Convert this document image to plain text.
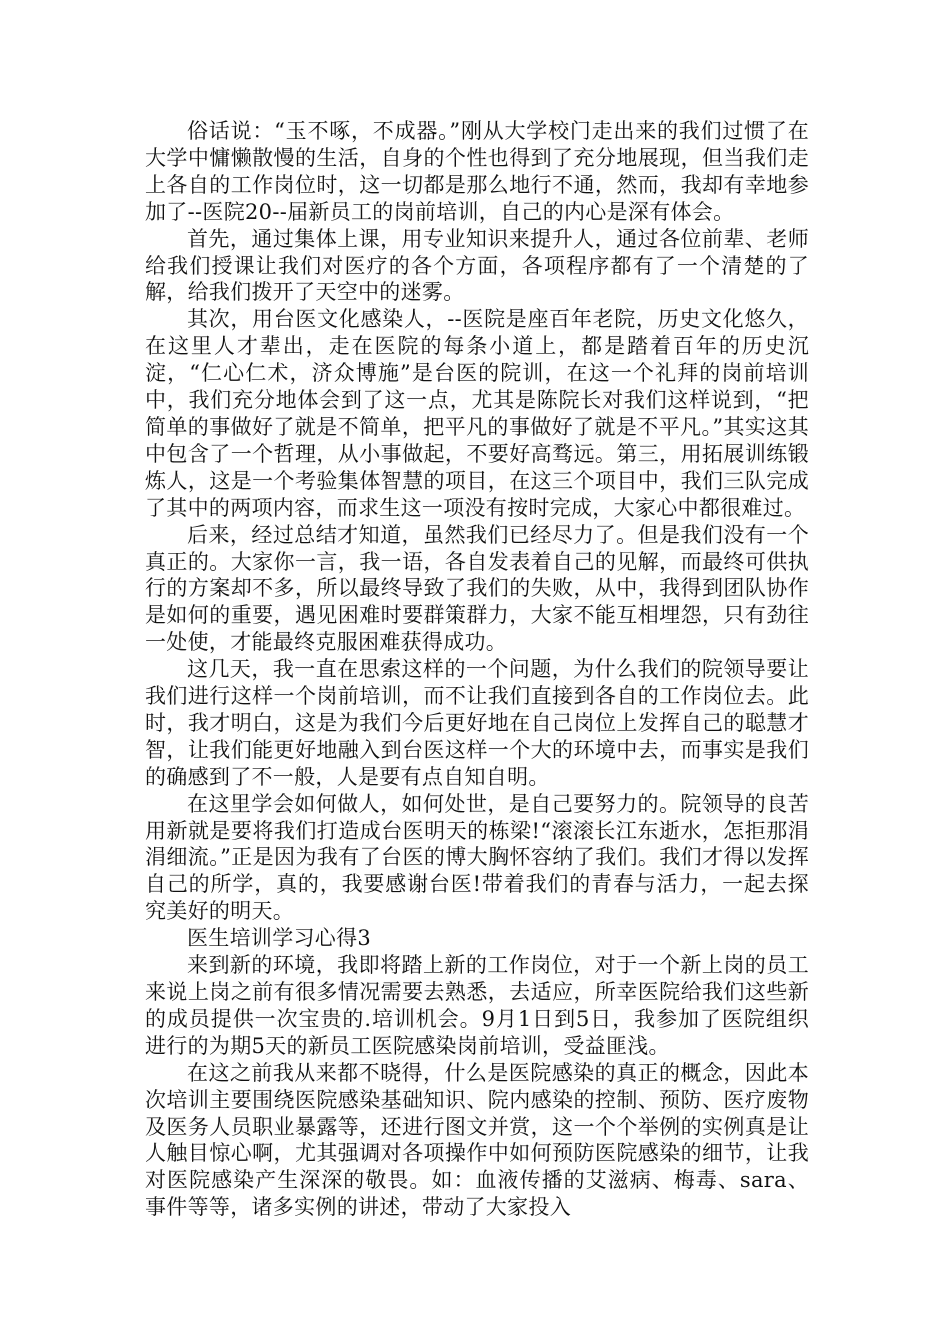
俗话说：“玉不啄，不成器。”刚从大学校门走出来的我们过惯了在大学中慵懒散慢的生活，自身的个性也得到了充分地展现，但当我们走上各自的工作岗位时，这一切都是那么地行不通，然而，我却有幸地参加了--医院20--届新员工的岗前培训，自己的内心是深有体会。

首先，通过集体上课，用专业知识来提升人，通过各位前辈、老师给我们授课让我们对医疗的各个方面，各项程序都有了一个清楚的了解，给我们拨开了天空中的迷雾。

其次，用台医文化感染人，--医院是座百年老院，历史文化悠久，在这里人才辈出，走在医院的每条小道上，都是踏着百年的历史沉淀，“仁心仁术，济众博施”是台医的院训，在这一个礼拜的岗前培训中，我们充分地体会到了这一点，尤其是陈院长对我们这样说到，“把简单的事做好了就是不简单，把平凡的事做好了就是不平凡。”其实这其中包含了一个哲理，从小事做起，不要好高骛远。第三，用拓展训练锻炼人，这是一个考验集体智慧的项目，在这三个项目中，我们三队完成了其中的两项内容，而求生这一项没有按时完成，大家心中都很难过。

后来，经过总结才知道，虽然我们已经尽力了。但是我们没有一个真正的。大家你一言，我一语，各自发表着自己的见解，而最终可供执行的方案却不多，所以最终导致了我们的失败，从中，我得到团队协作是如何的重要，遇见困难时要群策群力，大家不能互相埋怨，只有劲往一处使，才能最终克服困难获得成功。

这几天，我一直在思索这样的一个问题，为什么我们的院领导要让我们进行这样一个岗前培训，而不让我们直接到各自的工作岗位去。此时，我才明白，这是为我们今后更好地在自己岗位上发挥自己的聪慧才智，让我们能更好地融入到台医这样一个大的环境中去，而事实是我们的确感到了不一般，人是要有点自知自明。

在这里学会如何做人，如何处世，是自己要努力的。院领导的良苦用新就是要将我们打造成台医明天的栋梁!“滚滚长江东逝水，怎拒那涓涓细流。”正是因为我有了台医的博大胸怀容纳了我们。我们才得以发挥自己的所学，真的，我要感谢台医!带着我们的青春与活力，一起去探究美好的明天。

医生培训学习心得3

来到新的环境，我即将踏上新的工作岗位，对于一个新上岗的员工来说上岗之前有很多情况需要去熟悉，去适应，所幸医院给我们这些新的成员提供一次宝贵的.培训机会。9月1日到5日，我参加了医院组织进行的为期5天的新员工医院感染岗前培训，受益匪浅。

在这之前我从来都不晓得，什么是医院感染的真正的概念，因此本次培训主要围绕医院感染基础知识、院内感染的控制、预防、医疗废物及医务人员职业暴露等，还进行图文并赏，这一个个举例的实例真是让人触目惊心啊，尤其强调对各项操作中如何预防医院感染的细节，让我对医院感染产生深深的敬畏。如：血液传播的艾滋病、梅毒、sara、事件等等，诸多实例的讲述，带动了大家投入
